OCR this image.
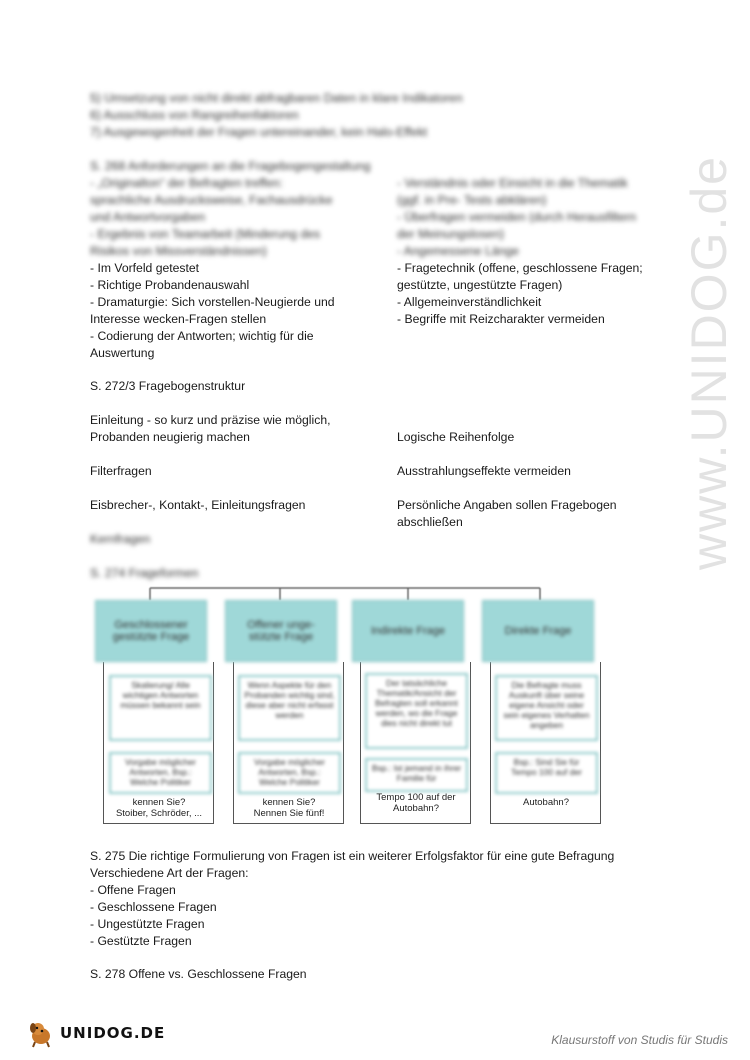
www.UNIDOG.de
5) Umsetzung von nicht direkt abfragbaren Daten in klare Indikatoren
6) Ausschluss von Rangreihenfaktoren
7) Ausgewogenheit der Fragen untereinander, kein Halo-Effekt
S. 268 Anforderungen an die Fragebogengestaltung
- „Originalton“ der Befragten treffen:
sprachliche Ausdrucksweise, Fachausdrücke
und Antwortvorgaben
- Ergebnis von Teamarbeit (Minderung des
Risikos von Missverständnissen)
- Verständnis oder Einsicht in die Thematik
(ggf. in Pre- Tests abklären)
- Überfragen vermeiden (durch Herausfiltern
der Meinungslosen)
- Angemessene Länge
- Im Vorfeld getestet
- Richtige Probandenauswahl
- Dramaturgie: Sich vorstellen-Neugierde und
Interesse wecken-Fragen stellen
- Codierung der Antworten; wichtig für die
Auswertung
- Fragetechnik (offene, geschlossene Fragen;
gestützte, ungestützte Fragen)
- Allgemeinverständlichkeit
- Begriffe mit Reizcharakter vermeiden
S. 272/3 Fragebogenstruktur
Einleitung - so kurz und präzise wie möglich,
Probanden neugierig machen
Filterfragen
Eisbrecher-, Kontakt-, Einleitungsfragen
Logische Reihenfolge
Ausstrahlungseffekte vermeiden
Persönliche Angaben sollen Fragebogen
abschließen
Kernfragen
S. 274 Frageformen
Geschlossener gestützte Frage
Skalierung/ Alle wichtigen Antworten müssen bekannt sein
Vorgabe möglicher Antworten, Bsp.: Welche Politiker
kennen Sie?
Stoiber, Schröder, ...
Offener unge- stützte Frage
Wenn Aspekte für den Probanden wichtig sind, diese aber nicht erfasst werden
Vorgabe möglicher Antworten, Bsp.: Welche Politiker
kennen Sie?
Nennen Sie fünf!
Indirekte Frage
Der tatsächliche Thematik/Ansicht der Befragten soll erkannt werden, wo die Frage dies nicht direkt tut
Bsp.: Ist jemand in ihrer Familie für
Tempo 100 auf der
Autobahn?
Direkte Frage
Die Befragte muss Auskunft über seine eigene Ansicht oder sein eigenes Verhalten angeben
Bsp.: Sind Sie für Tempo 100 auf der
Autobahn?
S. 275 Die richtige Formulierung von Fragen ist ein weiterer Erfolgsfaktor für eine gute Befragung
Verschiedene Art der Fragen:
- Offene Fragen
- Geschlossene Fragen
- Ungestützte Fragen
- Gestützte Fragen
S. 278 Offene vs. Geschlossene Fragen
UNIDOG.DE	Klausurstoff von Studis für Studis
